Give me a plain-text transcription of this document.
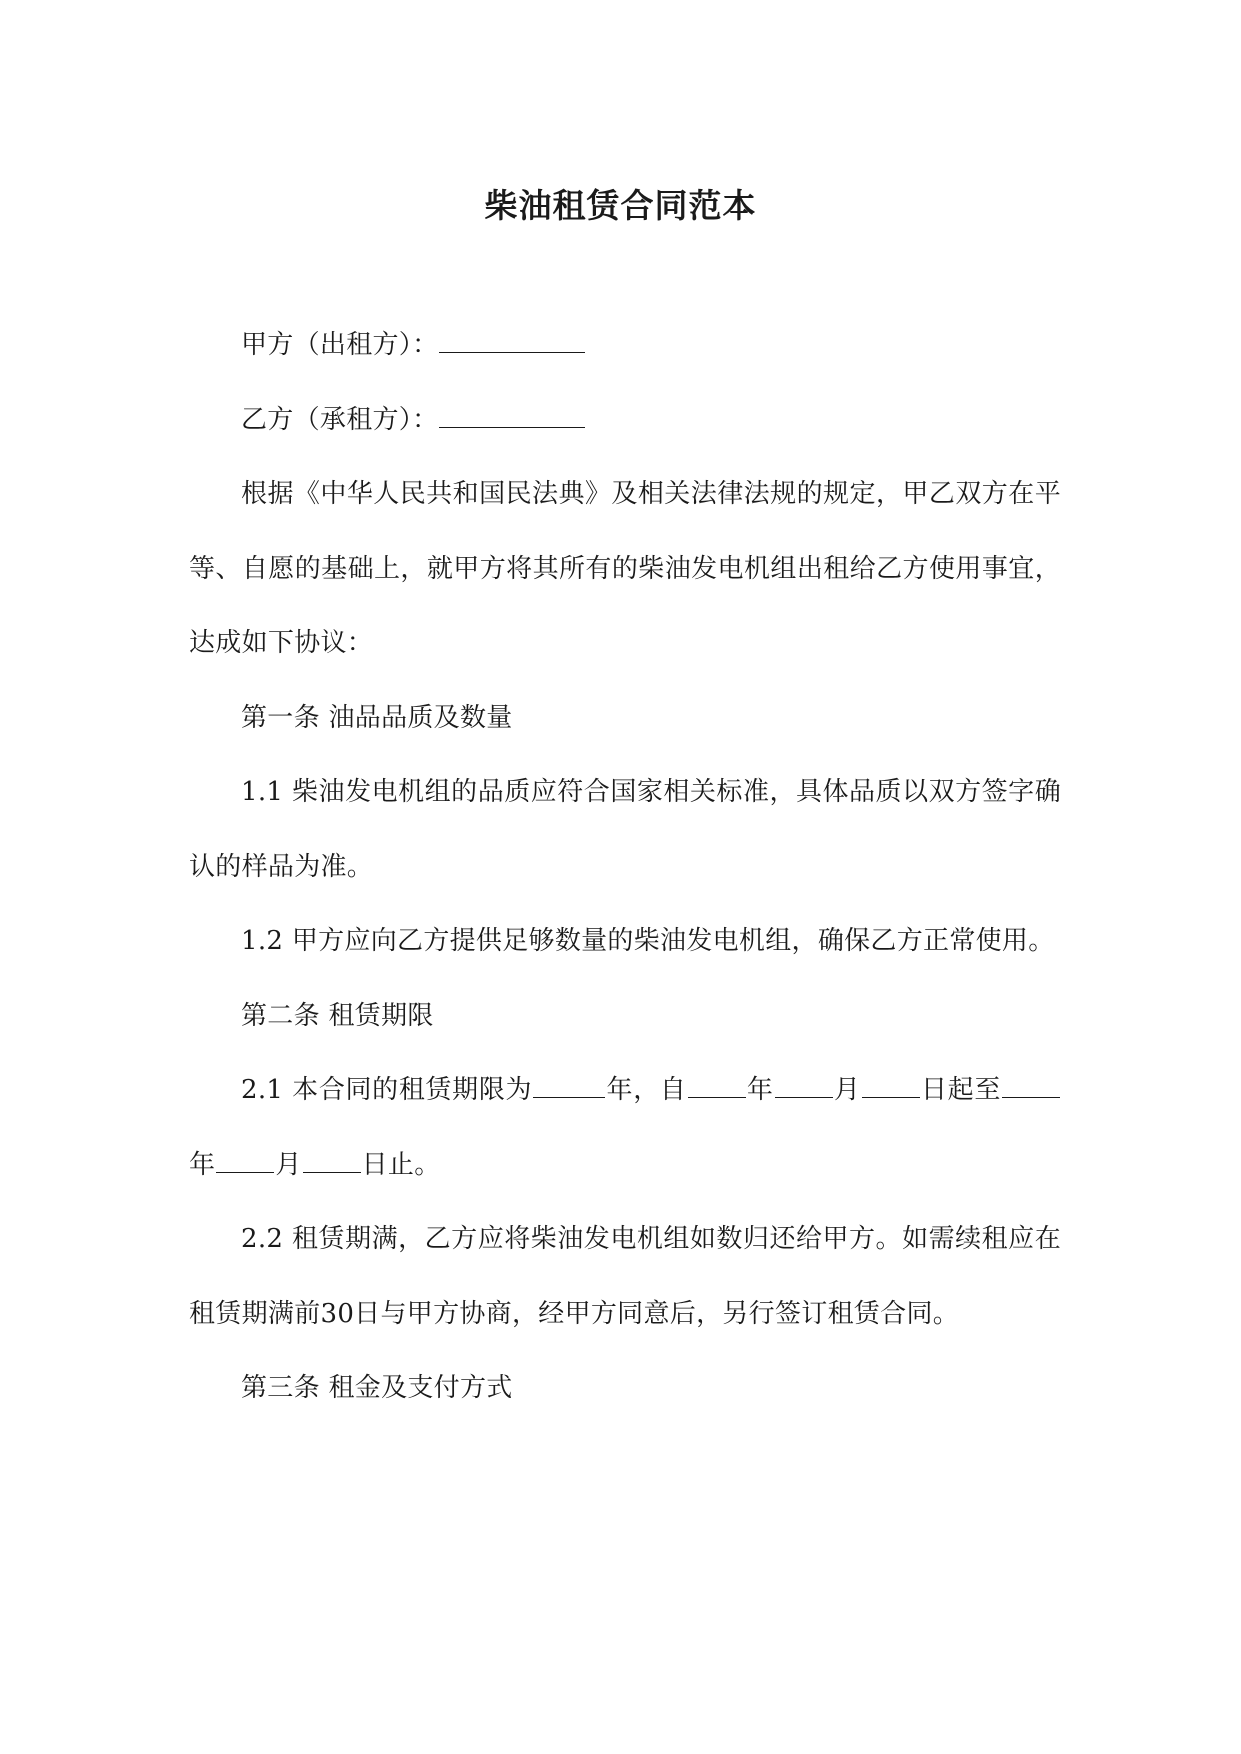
柴油租赁合同范本

甲方（出租方）：

乙方（承租方）：

根据《中华人民共和国民法典》及相关法律法规的规定，甲乙双方在平等、自愿的基础上，就甲方将其所有的柴油发电机组出租给乙方使用事宜，达成如下协议：

第一条 油品品质及数量

1.1 柴油发电机组的品质应符合国家相关标准，具体品质以双方签字确认的样品为准。

1.2 甲方应向乙方提供足够数量的柴油发电机组，确保乙方正常使用。

第二条 租赁期限

2.1 本合同的租赁期限为	年，自 年 月 日起至年 月 日止。

2.2 租赁期满，乙方应将柴油发电机组如数归还给甲方。如需续租应在租赁期满前30日与甲方协商，经甲方同意后，另行签订租赁合同。

第三条 租金及支付方式
